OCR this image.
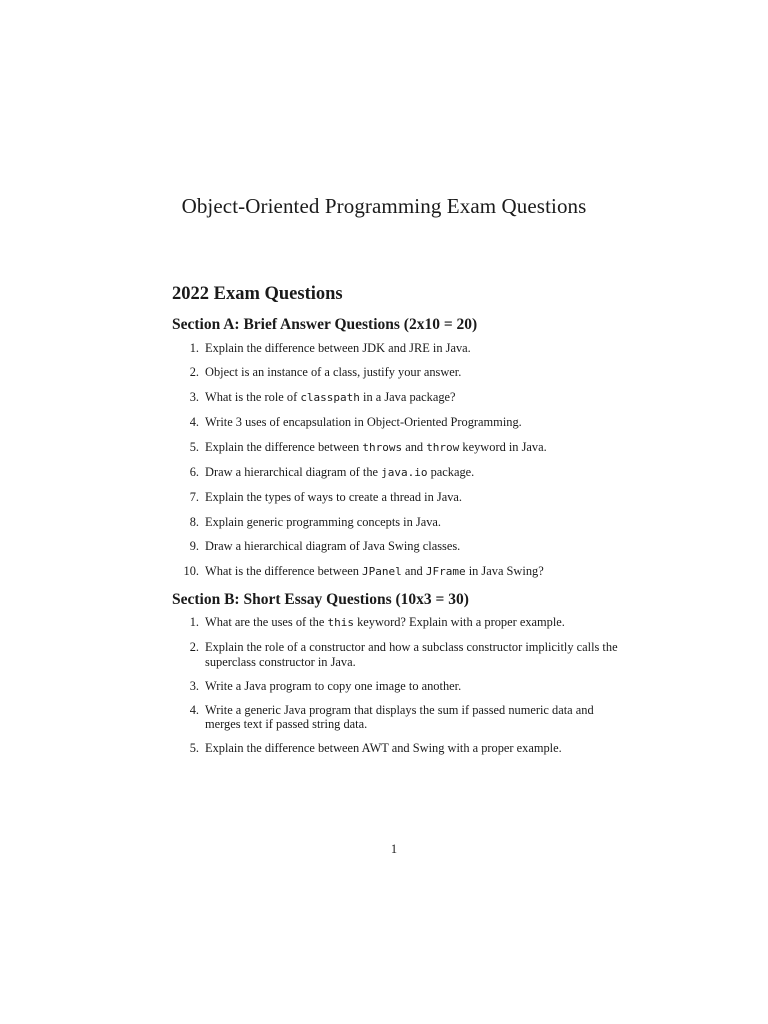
Object-Oriented Programming Exam Questions
2022 Exam Questions
Section A: Brief Answer Questions (2x10 = 20)
1. Explain the difference between JDK and JRE in Java.
2. Object is an instance of a class, justify your answer.
3. What is the role of classpath in a Java package?
4. Write 3 uses of encapsulation in Object-Oriented Programming.
5. Explain the difference between throws and throw keyword in Java.
6. Draw a hierarchical diagram of the java.io package.
7. Explain the types of ways to create a thread in Java.
8. Explain generic programming concepts in Java.
9. Draw a hierarchical diagram of Java Swing classes.
10. What is the difference between JPanel and JFrame in Java Swing?
Section B: Short Essay Questions (10x3 = 30)
1. What are the uses of the this keyword? Explain with a proper example.
2. Explain the role of a constructor and how a subclass constructor implicitly calls the superclass constructor in Java.
3. Write a Java program to copy one image to another.
4. Write a generic Java program that displays the sum if passed numeric data and merges text if passed string data.
5. Explain the difference between AWT and Swing with a proper example.
1
